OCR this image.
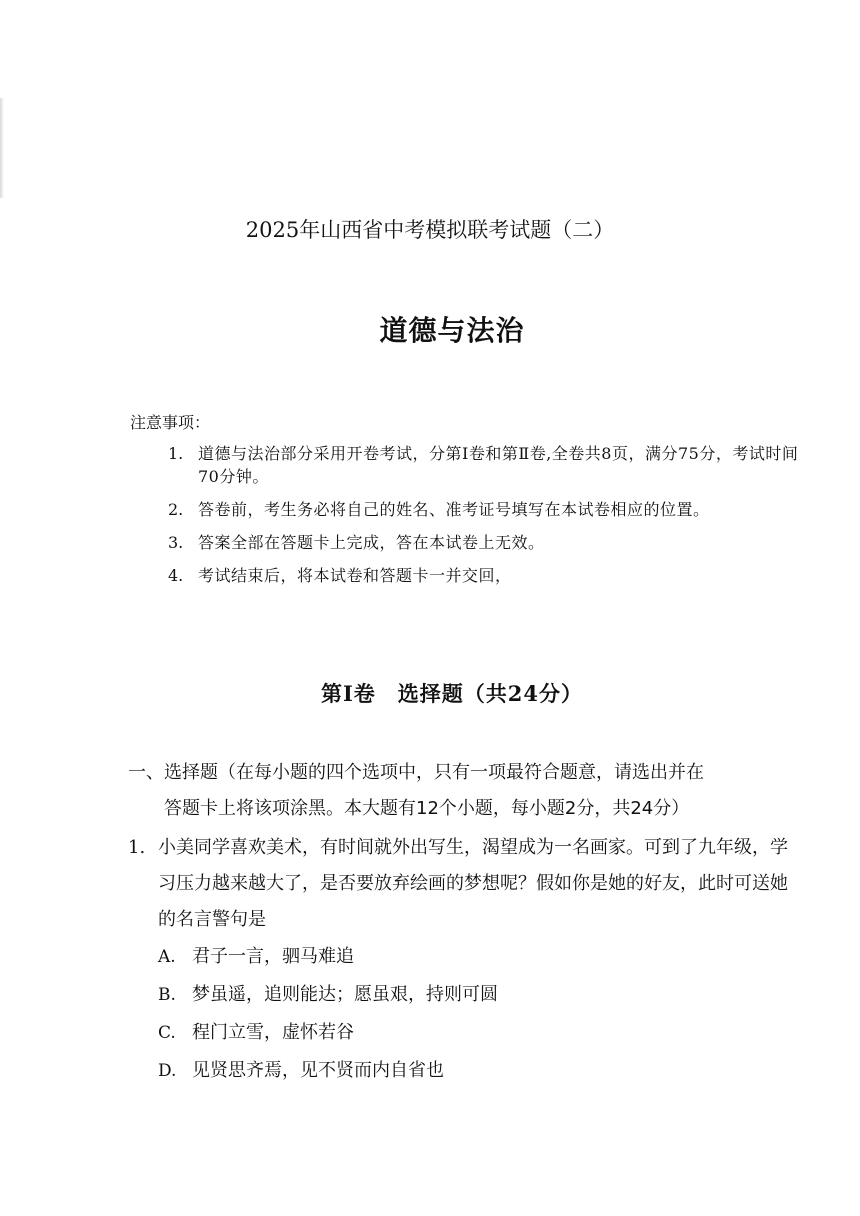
2025年山西省中考模拟联考试题（二）
道德与法治
注意事项：
1. 道德与法治部分采用开卷考试，分第Ⅰ卷和第Ⅱ卷,全卷共8页，满分75分，考试时间70分钟。
2. 答卷前，考生务必将自己的姓名、准考证号填写在本试卷相应的位置。
3. 答案全部在答题卡上完成，答在本试卷上无效。
4. 考试结束后，将本试卷和答题卡一并交回，
第Ⅰ卷　选择题（共24分）
一、选择题（在每小题的四个选项中，只有一项最符合题意，请选出并在
答题卡上将该项涂黑。本大题有12个小题，每小题2分，共24分）
1. 小美同学喜欢美术，有时间就外出写生，渴望成为一名画家。可到了九年级，学习压力越来越大了，是否要放弃绘画的梦想呢？假如你是她的好友，此时可送她的名言警句是
A. 君子一言，驷马难追
B. 梦虽遥，追则能达；愿虽艰，持则可圆
C. 程门立雪，虚怀若谷
D. 见贤思齐焉，见不贤而内自省也
